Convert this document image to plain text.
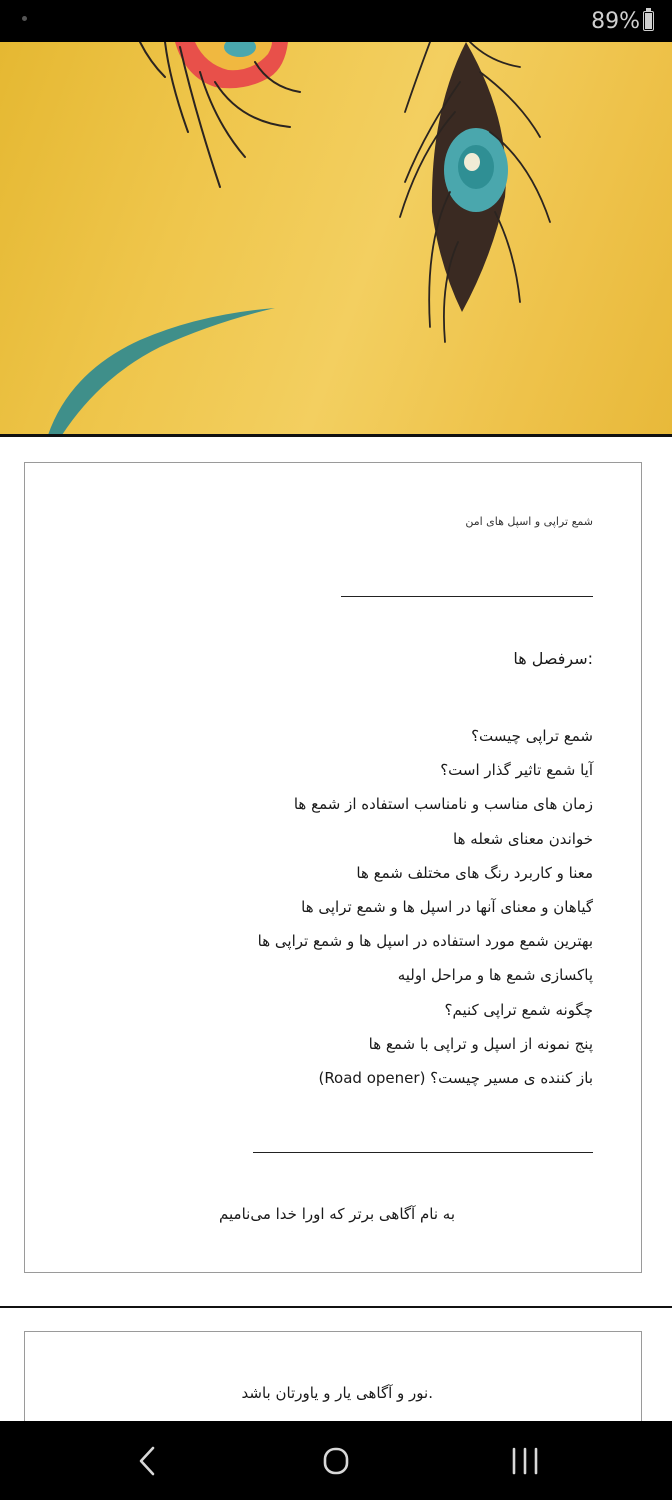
89%
شمع تراپی و اسپل های امن
:سرفصل ها
شمع تراپی چیست؟
آیا شمع تاثیر گذار است؟
زمان های مناسب و نامناسب استفاده از شمع ها
خواندن معنای شعله ها
معنا و کاربرد رنگ های مختلف شمع ها
گیاهان و معنای آنها در اسپل ها و شمع تراپی ها
بهترین شمع مورد استفاده در اسپل ها و شمع تراپی ها
پاکسازی شمع ها و مراحل اولیه
چگونه شمع تراپی کنیم؟
پنج نمونه از اسپل و تراپی با شمع ها
باز کننده ی مسیر چیست؟ (Road opener)
به نام آگاهی برتر که اورا خدا می‌نامیم
.نور و آگاهی یار و یاورتان باشد
